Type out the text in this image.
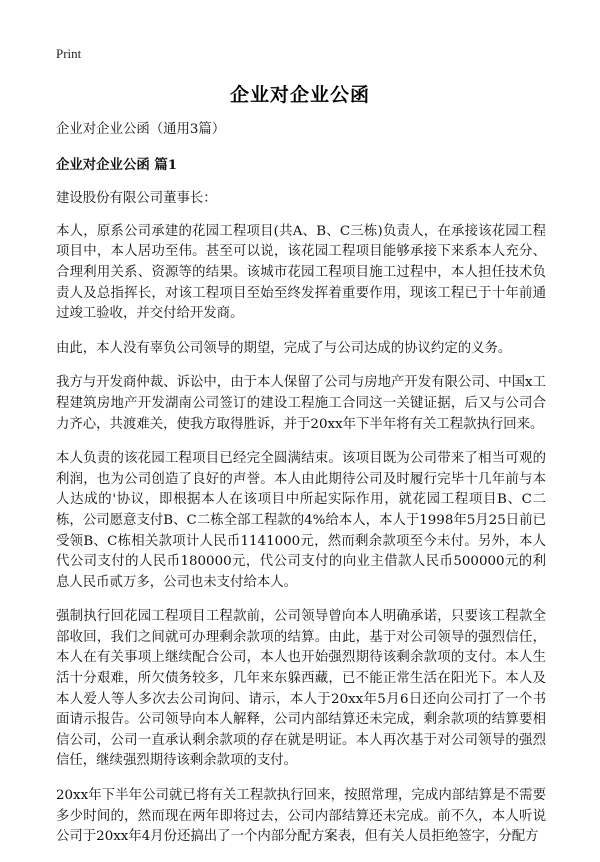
Print
企业对企业公函

企业对企业公函（通用3篇）

企业对企业公函 篇1

建设股份有限公司董事长：

本人，原系公司承建的花园工程项目(共A、B、C三栋)负责人，在承接该花园工程项目中，本人居功至伟。甚至可以说，该花园工程项目能够承接下来系本人充分、合理利用关系、资源等的结果。该城市花园工程项目施工过程中，本人担任技术负责人及总指挥长，对该工程项目至始至终发挥着重要作用，现该工程已于十年前通过竣工验收，并交付给开发商。

由此，本人没有辜负公司领导的期望，完成了与公司达成的协议约定的义务。

我方与开发商仲裁、诉讼中，由于本人保留了公司与房地产开发有限公司、中国x工程建筑房地产开发湖南公司签订的建设工程施工合同这一关键证据，后又与公司合力齐心，共渡难关，使我方取得胜诉，并于20xx年下半年将有关工程款执行回来。

本人负责的该花园工程项目已经完全圆满结束。该项目既为公司带来了相当可观的利润，也为公司创造了良好的声誉。本人由此期待公司及时履行完毕十几年前与本人达成的'协议，即根据本人在该项目中所起实际作用，就花园工程项目B、C二栋，公司愿意支付B、C二栋全部工程款的4%给本人，本人于1998年5月25日前已受领B、C栋相关款项计人民币1141000元，然而剩余款项至今未付。另外，本人代公司支付的人民币180000元，代公司支付的向业主借款人民币500000元的利息人民币贰万多，公司也未支付给本人。

强制执行回花园工程项目工程款前，公司领导曾向本人明确承诺，只要该工程款全部收回，我们之间就可办理剩余款项的结算。由此，基于对公司领导的强烈信任，本人在有关事项上继续配合公司，本人也开始强烈期待该剩余款项的支付。本人生活十分艰难，所欠债务较多，几年来东躲西藏，已不能正常生活在阳光下。本人及本人爱人等人多次去公司询问、请示，本人于20xx年5月6日还向公司打了一个书面请示报告。公司领导向本人解释，公司内部结算还未完成，剩余款项的结算要相信公司，公司一直承认剩余款项的存在就是明证。本人再次基于对公司领导的强烈信任，继续强烈期待该剩余款项的支付。

20xx年下半年公司就已将有关工程款执行回来，按照常理，完成内部结算是不需要多少时间的，然而现在两年即将过去，公司内部结算还未完成。前不久，本人听说公司于20xx年4月份还搞出了一个内部分配方案表，但有关人员拒绝签字，分配方
